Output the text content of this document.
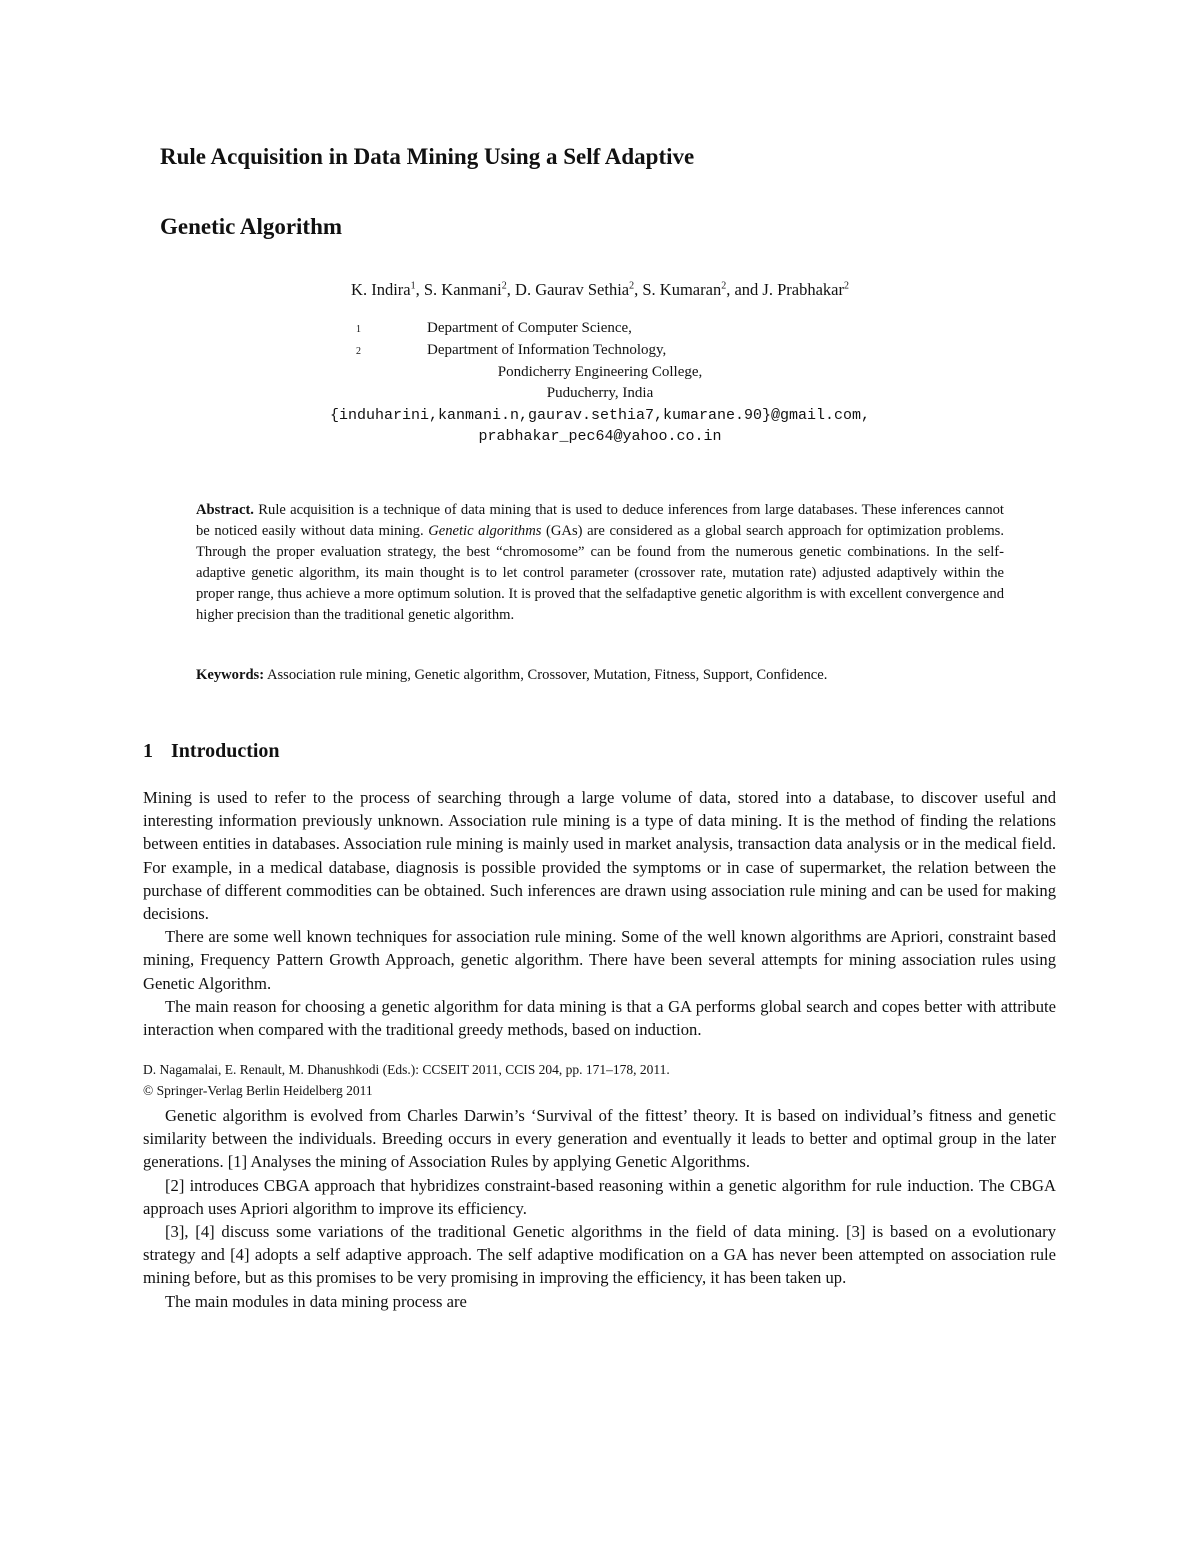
Rule Acquisition in Data Mining Using a Self Adaptive
Genetic Algorithm
K. Indira$^1$, S. Kanmani$^2$, D. Gaurav Sethia$^2$, S. Kumaran$^2$, and J. Prabhakar$^2$
1	Department of Computer Science,
2	Department of Information Technology,
Pondicherry Engineering College,
Puducherry, India
{induharini,kanmani.n,gaurav.sethia7,kumarane.90}@gmail.com,
prabhakar_pec64@yahoo.co.in

Abstract. Rule acquisition is a technique of data mining that is used to deduce inferences from large databases. These inferences cannot be noticed easily without data mining. Genetic algorithms (GAs) are considered as a global search approach for optimization problems. Through the proper evaluation strategy, the best “chromosome” can be found from the numerous genetic combinations. In the self-adaptive genetic algorithm, its main thought is to let control parameter (crossover rate, mutation rate) adjusted adaptively within the proper range, thus achieve a more optimum solution. It is proved that the selfadaptive genetic algorithm is with excellent convergence and higher precision than the traditional genetic algorithm.

Keywords: Association rule mining, Genetic algorithm, Crossover, Mutation, Fitness, Support, Confidence.

1 Introduction

Mining is used to refer to the process of searching through a large volume of data, stored into a database, to discover useful and interesting information previously unknown. Association rule mining is a type of data mining. It is the method of finding the relations between entities in databases. Association rule mining is mainly used in market analysis, transaction data analysis or in the medical field. For example, in a medical database, diagnosis is possible provided the symptoms or in case of supermarket, the relation between the purchase of different commodities can be obtained. Such inferences are drawn using association rule mining and can be used for making decisions.

There are some well known techniques for association rule mining. Some of the well known algorithms are Apriori, constraint based mining, Frequency Pattern Growth Approach, genetic algorithm. There have been several attempts for mining association rules using Genetic Algorithm.

The main reason for choosing a genetic algorithm for data mining is that a GA performs global search and copes better with attribute interaction when compared with the traditional greedy methods, based on induction.

D. Nagamalai, E. Renault, M. Dhanushkodi (Eds.): CCSEIT 2011, CCIS 204, pp. 171–178, 2011.
© Springer-Verlag Berlin Heidelberg 2011

Genetic algorithm is evolved from Charles Darwin’s ‘Survival of the fittest’ theory. It is based on individual’s fitness and genetic similarity between the individuals. Breeding occurs in every generation and eventually it leads to better and optimal group in the later generations. [1] Analyses the mining of Association Rules by applying Genetic Algorithms.

[2] introduces CBGA approach that hybridizes constraint-based reasoning within a genetic algorithm for rule induction. The CBGA approach uses Apriori algorithm to improve its efficiency.

[3], [4] discuss some variations of the traditional Genetic algorithms in the field of data mining. [3] is based on a evolutionary strategy and [4] adopts a self adaptive approach. The self adaptive modification on a GA has never been attempted on association rule mining before, but as this promises to be very promising in improving the efficiency, it has been taken up.

The main modules in data mining process are
